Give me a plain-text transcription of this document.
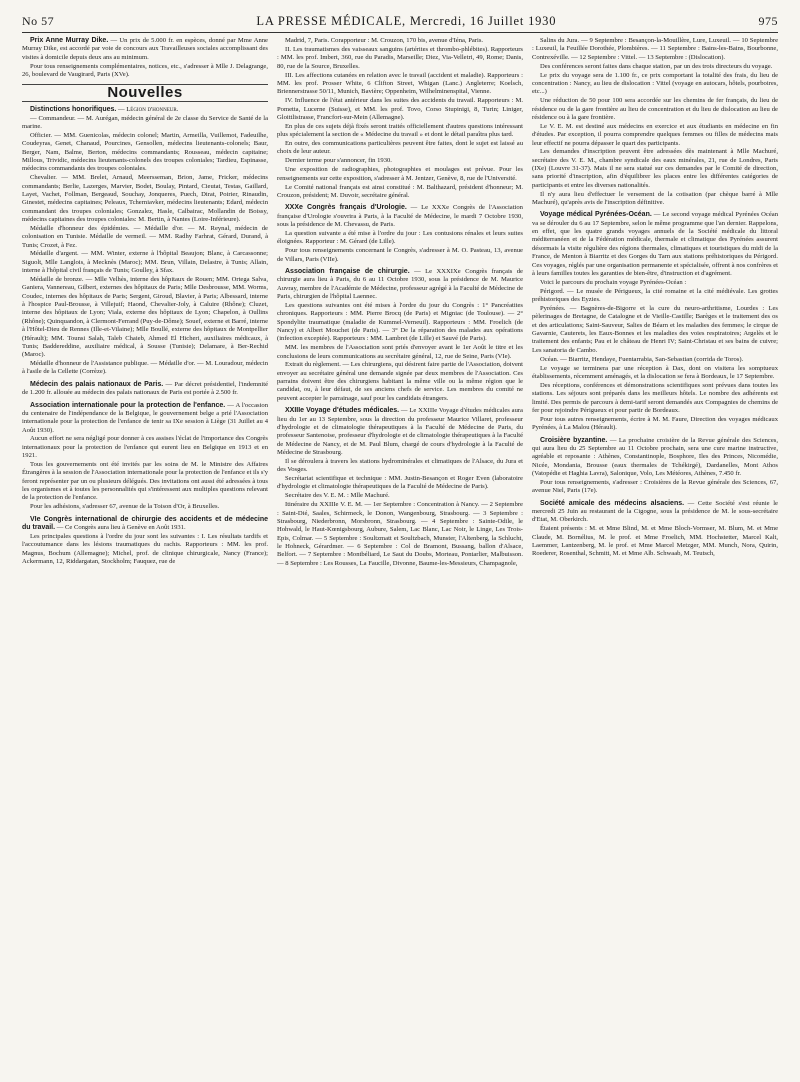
No 57	LA PRESSE MÉDICALE, Mercredi, 16 Juillet 1930	975

Prix Anne Murray Dike. — Un prix de 5.000 fr. en espèces, donné par Mme Anne Murray Dike, est accordé par voie de concours aux Travailleuses sociales accomplissant des visites à domicile depuis deux ans au minimum.

Pour tous renseignements complémentaires, notices, etc., s'adresser à Mlle J. Delagrange, 26, boulevard de Vaugirard, Paris (XVe).

Nouvelles

Distinctions honorifiques. — Légion d'honneur.

— Commandeur. — M. Aurégan, médecin général de 2e classe du Service de Santé de la marine.

Officier. — MM. Guenicolas, médecin colonel; Martin, Armeilla, Vuillemot, Fadeuilhe, Coudeyras, Genet, Chanaud, Pourcines, Gensollen, médecins lieutenants-colonels; Baur, Berger, Nam, Balme, Berton, médecins commandants; Rousseau, médecin capitaine; Millous, Trividic, médecins lieutenants-colonels des troupes coloniales; Tardieu, Espinasse, médecins commandants des troupes coloniales.

Chevalier. — MM. Brelet, Arnaud, Meersseman, Brion, Jame, Fricker, médecins commandants; Berlie, Lazerges, Marvier, Bodet, Boulay, Pintard, Cieutat, Testas, Gaillard, Layet, Vachet, Follman, Bergeaud, Souchay, Jonqueres, Puech, Dirat, Poirier, Rinaudin, Ginestet, médecins capitaines; Peleaux, Tcherniavker, médecins lieutenants; Edard, médecin commandant des troupes coloniales; Gonzalez, Hasle, Calbairac, Mollandin de Boissy, médecins capitaines des troupes coloniales: M. Bertin, à Nantes (Loire-Inférieure).

Médaille d'honneur des épidémies. — Médaille d'or. — M. Reynal, médecin de colonisation en Tunisie. Médaille de vermeil. — MM. Radhy Farhrat, Gérard, Durand, à Tunis; Crozet, à Fez.

Médaille d'argent. — MM. Winter, externe à l'hôpital Beaujon; Blanc, à Carcassonne; Siguolt, Mlle Langlois, à Mecknès (Maroc); MM. Brun, Villain, Delastre, à Tunis; Allain, interne à l'hôpital civil français de Tunis; Goulley, à Sfax.

Médaille de bronze. — Mlle Velhès, interne des hôpitaux de Rouen; MM. Ortega Salva, Ganiera, Vannereau, Gilbert, externes des hôpitaux de Paris; Mlle Desbrousse, MM. Worms, Coudec, internes des hôpitaux de Paris; Sergent, Giroud, Blavier, à Paris; Albessard, interne à l'hospice Paul-Brousse, à Villejuif; Haond, Chevalier-Joly, à Caluire (Rhône); Cluzet, interne des hôpitaux de Lyon; Viala, externe des hôpitaux de Lyon; Chapelon, à Oullins (Rhône); Quinquandon, à Clermont-Ferrand (Puy-de-Dôme); Souef, externe et Barré, interne à l'Hôtel-Dieu de Rennes (Ille-et-Vilaine); Mlle Boullé, externe des hôpitaux de Montpellier (Hérault); MM. Tounsi Salah, Taleb Chaieb, Ahmed El Hicheri, auxiliaires médicaux, à Tunis; Baddereddine, auxiliaire médical, à Sousse (Tunisie); Delamare, à Ber-Rechid (Maroc).

Médaille d'honneur de l'Assistance publique. — Médaille d'or. — M. Louradour, médecin à l'asile de la Cellette (Corrèze).

Médecin des palais nationaux de Paris. — Par décret présidentiel, l'indemnité de 1.200 fr. allouée au médecin des palais nationaux de Paris est portée à 2.500 fr.

Association internationale pour la protection de l'enfance. — A l'occasion du centenaire de l'indépendance de la Belgique, le gouvernement belge a prié l'Association internationale pour la protection de l'enfance de tenir sa IXe session à Liège (31 Juillet au 4 Août 1930).

Aucun effort ne sera négligé pour donner à ces assises l'éclat de l'importance des Congrès internationaux pour la protection de l'enfance qui eurent lieu en Belgique en 1913 et en 1921.

Tous les gouvernements ont été invités par les soins de M. le Ministre des Affaires Étrangères à la session de l'Association internationale pour la protection de l'enfance et ils s'y feront représenter par un ou plusieurs délégués. Des invitations ont aussi été adressées à tous les organismes et à toutes les personnalités qui s'intéressent aux multiples questions relevant de la protection de l'enfance.

Pour les adhésions, s'adresser 67, avenue de la Toison d'Or, à Bruxelles.

VIe Congrès international de chirurgie des accidents et de médecine du travail. — Ce Congrès aura lieu à Genève en Août 1931.

Les principales questions à l'ordre du jour sont les suivantes : I. Les résultats tardifs et l'accoutumance dans les lésions traumatiques du rachis. Rapporteurs : MM. les prof. Magnus, Bochum (Allemagne); Michel, prof. de clinique chirurgicale, Nancy (France); Ackermann, 12, Riddargatan, Stockholm; Fauquez, rue de

Madrid, 7, Paris. Corapporteur : M. Crouzon, 170 bis, avenue d'Iéna, Paris.

II. Les traumatismes des vaisseaux sanguins (artérites et thrombo-phlébites). Rapporteurs : MM. les prof. Imbert, 360, rue du Paradis, Marseille; Diez, Via-Velletri, 49, Rome; Danis, 80, rue de la Source, Bruxelles.

III. Les affections cutanées en relation avec le travail (accident et maladie). Rapporteurs : MM. les prof. Prosser White, 6 Clifton Street, Whigan (Lanc.) Angleterre; Koelsch, Briennerstrasse 50/11, Munich, Bavière; Oppenheim, Wilhelminenspital, Vienne.

IV. Influence de l'état antérieur dans les suites des accidents du travail. Rapporteurs : M. Pometta, Lucerne (Suisse), et MM. les prof. Tovo, Corso Stupinigi, 8, Turin; Liniger, Gloittlistrasse, Francfort-sur-Mein (Allemagne).

En plus de ces sujets déjà fixés seront traités officiellement d'autres questions intéressant plus spécialement la section de « Médecine du travail » et dont le détail paraîtra plus tard.

En outre, des communications particulières peuvent être faites, dont le sujet est laissé au choix de leur auteur.

Dernier terme pour s'annoncer, fin 1930.

Une exposition de radiographies, photographies et moulages est prévue. Pour les renseignements sur cette exposition, s'adresser à M. Jentzer, Genève, 8, rue de l'Université.

Le Comité national français est ainsi constitué : M. Balthazard, président d'honneur; M. Crouzon, président; M. Duvoir, secrétaire général.

XXXe Congrès français d'Urologie. — Le XXXe Congrès de l'Association française d'Urologie s'ouvrira à Paris, à la Faculté de Médecine, le mardi 7 Octobre 1930, sous la présidence de M. Chevassu, de Paris.

La question suivante a été mise à l'ordre du jour : Les contusions rénales et leurs suites éloignées. Rapporteur : M. Gérard (de Lille).

Pour tous renseignements concernant le Congrès, s'adresser à M. O. Pasteau, 13, avenue de Villars, Paris (VIIe).

Association française de chirurgie. — Le XXXIXe Congrès français de chirurgie aura lieu à Paris, du 6 au 11 Octobre 1930, sous la présidence de M. Maurice Auvray, membre de l'Académie de Médecine, professeur agrégé à la Faculté de Médecine de Paris, chirurgien de l'hôpital Laennec.

Les questions suivantes ont été mises à l'ordre du jour du Congrès : 1° Pancréatites chroniques. Rapporteurs : MM. Pierre Brocq (de Paris) et Migniac (de Toulouse). — 2° Spondylite traumatique (maladie de Kummel-Verneuil). Rapporteurs : MM. Froelich (de Nancy) et Albert Mouchet (de Paris). — 3° De la réparation des malades aux opérations (infection exceptée). Rapporteurs : MM. Lambret (de Lille) et Sauvé (de Paris).

MM. les membres de l'Association sont priés d'envoyer avant le 1er Août le titre et les conclusions de leurs communications au secrétaire général, 12, rue de Seine, Paris (VIe).

Extrait du règlement. — Les chirurgiens, qui désirent faire partie de l'Association, doivent envoyer au secrétaire général une demande signée par deux membres de l'Association. Ces parrains doivent être des chirurgiens habitant la même ville ou la même région que le candidat, ou, à leur défaut, de ses anciens chefs de service. Les membres du comité ne peuvent accepter le parrainage, sauf pour les candidats étrangers.

XXIIIe Voyage d'études médicales. — Le XXIIIe Voyage d'études médicales aura lieu du 1er au 13 Septembre, sous la direction du professeur Maurice Villaret, professeur d'hydrologie et de climatologie thérapeutiques à la Faculté de Médecine de Paris, du professeur Santenoise, professeur d'hydrologie et de climatologie thérapeutiques à la Faculté de Médecine de Nancy, et de M. Paul Blum, chargé de cours d'hydrologie à la Faculté de Médecine de Strasbourg.

Il se déroulera à travers les stations hydrominérales et climatiques de l'Alsace, du Jura et des Vosges.

Secrétariat scientifique et technique : MM. Justin-Besançon et Roger Even (laboratoire d'hydrologie et climatologie thérapeutiques de la Faculté de Médecine de Paris).

Secrétaire des V. E. M. : Mlle Machuré.

Itinéraire du XXIIIe V. E. M. — 1er Septembre : Concentration à Nancy. — 2 Septembre : Saint-Dié, Saales, Schirmeck, le Donon, Wangenbourg, Strasbourg. — 3 Septembre : Strasbourg, Niederbronn, Morsbronn, Strasbourg. — 4 Septembre : Sainte-Odile, le Hohwald, le Haut-Kœnigsbourg, Aubure, Salem, Lac Blanc, Lac Noir, le Linge, Les Trois-Epis, Colmar. — 5 Septembre : Soultzmatt et Soultzbach, Munster, l'Altenberg, la Schlucht, le Hohneck, Gérardmer. — 6 Septembre : Col de Bramont, Bussang, ballon d'Alsace, Belfort. — 7 Septembre : Montbéliard, Le Saut du Doubs, Morteau, Pontarlier, Malbuisson. — 8 Septembre : Les Rousses, La Faucille, Divonne, Baume-les-Messieurs, Champagnole,

Salins du Jura. — 9 Septembre : Besançon-la-Mouillère, Lure, Luxeuil. — 10 Septembre : Luxeuil, la Feuillée Dorothée, Plombières. — 11 Septembre : Bains-les-Bains, Bourbonne, Contrexéville. — 12 Septembre : Vittel. — 13 Septembre : (Dislocation).

Des conférences seront faites dans chaque station, par un des trois directeurs du voyage.

Le prix du voyage sera de 1.100 fr., ce prix comportant la totalité des frais, du lieu de concentration : Nancy, au lieu de dislocation : Vittel (voyage en autocars, hôtels, pourboires, etc...)

Une réduction de 50 pour 100 sera accordée sur les chemins de fer français, du lieu de résidence ou de la gare frontière au lieu de concentration et du lieu de dislocation au lieu de résidence ou à la gare frontière.

Le V. E. M. est destiné aux médecins en exercice et aux étudiants en médecine en fin d'études. Par exception, il pourra comprendre quelques femmes ou filles de médecins mais leur effectif ne pourra dépasser le quart des participants.

Les demandes d'inscription peuvent être adressées dès maintenant à Mlle Machuré, secrétaire des V. E. M., chambre syndicale des eaux minérales, 21, rue de Londres, Paris (IXe) (Louvre 31-37). Mais il ne sera statué sur ces demandes par le Comité de direction, sans priorité d'inscription, afin d'équilibrer les places entre les différentes catégories de participants et entre les diverses nationalités.

Il n'y aura lieu d'effectuer le versement de la cotisation (par chèque barré à Mlle Machuré), qu'après avis de l'inscription définitive.

Voyage médical Pyrénées-Océan. — Le second voyage médical Pyrénées Océan va se dérouler du 6 au 17 Septembre, selon le même programme que l'an dernier. Rappelons, en effet, que les quatre grands voyages annuels de la Société médicale du littoral méditerranéen et de la Fédération médicale, thermale et climatique des Pyrénées assurent désormais la visite régulière des régions thermales, climatiques et touristiques du midi de la France, de Menton à Biarritz et des Gorges du Tarn aux stations préhistoriques du Périgord. Ces voyages, réglés par une organisation permanente et spécialisée, offrent à nos confrères et à leurs familles toutes les garanties de bien-être, d'instruction et d'agrément.

Voici le parcours du prochain voyage Pyrénées-Océan :

Périgord. — Le musée de Périgueux, la cité romaine et la cité médiévale. Les grottes préhistoriques des Eyzies.

Pyrénées. — Bagnères-de-Bigorre et la cure du neuro-arthritisme, Lourdes : Les pèlerinages de Bretagne, de Catalogne et de Vieille-Castille; Barèges et le traitement des os et des articulations; Saint-Sauveur, Salies de Béarn et les maladies des femmes; le cirque de Gavarnie, Cauterets, les Eaux-Bonnes et les maladies des voies respiratoires; Argelès et le traitement des enfants; Pau et le château de Henri IV; Saint-Christau et ses bains de cuivre; Les sanatoria de Cambo.

Océan. — Biarritz, Hendaye, Fuentarrabia, San-Sebastian (corrida de Toros).

Le voyage se terminera par une réception à Dax, dont on visitera les somptueux établissements, récemment aménagés, et la dislocation se fera à Bordeaux, le 17 Septembre.

Des réceptions, conférences et démonstrations scientifiques sont prévues dans toutes les stations. Les séjours sont préparés dans les meilleurs hôtels. Le nombre des adhérents est limité. Des permis de parcours à demi-tarif seront demandés aux Compagnies de chemins de fer pour rejoindre Périgueux et pour partir de Bordeaux.

Pour tous autres renseignements, écrire à M. M. Faure, Direction des voyages médicaux Pyrénées, à La Malou (Hérault).

Croisière byzantine. — La prochaine croisière de la Revue générale des Sciences, qui aura lieu du 25 Septembre au 11 Octobre prochain, sera une cure marine instructive, agréable et reposante : Athènes, Constantinople, Bosphore, Iles des Princes, Nicomédie, Nicée, Mondania, Brousse (eaux thermales de Tchékirgé), Dardanelles, Mont Athos (Vatopédie et Haghia Lavra), Salonique, Volo, Les Météores, Athènes, 7.450 fr.

Pour tous renseignements, s'adresser : Croisières de la Revue générale des Sciences, 67, avenue Niel, Paris (17e).

Société amicale des médecins alsaciens. — Cette Société s'est réunie le mercredi 25 Juin au restaurant de la Cigogne, sous la présidence de M. le sous-secrétaire d'Etat, M. Oberkirch.

Étaient présents : M. et Mme Blind, M. et Mme Bloch-Vormser, M. Blum, M. et Mme Claude, M. Bornélius, M. le prof. et Mme Froelich, MM. Hochstetter, Marcel Kalt, Laemmer, Lantzenberg, M. le prof. et Mme Marcel Metzger, MM. Munch, Nora, Quirin, Roederer, Rosenthal, Schmitt, M. et Mme Alb. Schwaab, M. Teutsch,
